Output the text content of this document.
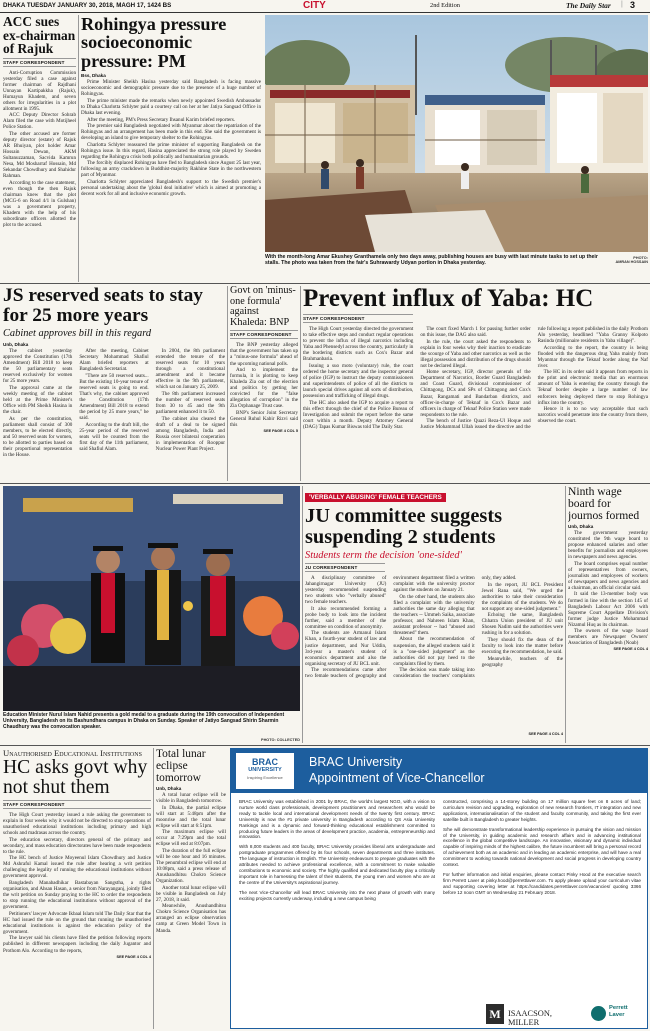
DHAKA TUESDAY JANUARY 30, 2018, MAGH 17, 1424 BS	CITY	2nd Edition	The Daily Star | 3
ACC sues ex-chairman of Rajuk
STAFF CORRESPONDENT

Anti-Corruption Commission yesterday filed a case against former chairman of Rajdhani Unnayan Kartipakkha (Rajuk), Humayun Khadem, and seven others for irregularities in a plot allotment in 1995.

ACC Deputy Director Sohrab Alam filed the case with Motijheel Police Station.

The other accused are former deputy director (estate) of Rajuk AR Bhuiyan, plot holder Amar Hossain Dewan, AKM Sultanuzzaman, Sacvida Kamrun Nesa, Md Mosharraf Hossain, Md Sekandar Chowdhury and Shahidur Rahman.

According to the case statement, even though the then Rajuk chairman knew that the plot (MCG-6 on Road 4/1 in Gulshan) was a government property, Khadem with the help of his subordinate officers allotted the plot to the accused.

Rohingya pressure socioeconomic pressure: PM
Bss, Dhaka

Prime Minister Sheikh Hasina yesterday said Bangladesh is facing massive socioeconomic and demographic pressure due to the presence of a huge number of Rohingyas.

The prime minister made the remarks when newly appointed Swedish Ambassador to Dhaka Charlotta Schlyter paid a courtesy call on her at her Jatiya Sangsad Office in Dhaka last evening.

After the meeting, PM's Press Secretary Ihsanul Karim briefed reporters.

The premier said Bangladesh negotiated with Myanmar about the repatriation of the Rohingyas and an arrangement has been made in this end. She said the government is developing an island to give temporary shelter to the Rohingyas.

Charlotta Schlyter reassured the prime minister of supporting Bangladesh on the Rohingya issue. In this regard, Hasina appreciated the strong role played by Sweden regarding the Rohingya crisis both politically and humanitarian grounds.

The forcibly displaced Rohingyas have fled to Bangladesh since August 25 last year, following an army crackdown in Buddhist-majority Rakhine State in the northwestern part of Myanmar.

Charlotta Schlyter appreciated Bangladesh's support to the Swedish premier's personal undertaking about the 'global deal initiative' which is aimed at promoting a decent work for all and inclusive economic growth.

With the month-long Amar Ekushey Granthamela only two days away, publishing houses are busy with last minute tasks to set up their stalls. The photo was taken from the fair's Suhrawardy Udyan portion in Dhaka yesterday.
PHOTO:
AMRAN HOSSAIN
JS reserved seats to stay for 25 more years
Cabinet approves bill in this regard
Unb, Dhaka

The cabinet yesterday approved the Constitution (17th Amendment) Bill 2018 to keep the 50 parliamentary seats reserved exclusively for women for 25 more years.

The approval came at the weekly meeting of the cabinet held at the Prime Minister's Office with PM Sheikh Hasina in the chair.

As per the constitution, parliament shall consist of 300 members, to be elected directly, and 50 reserved seats for women, to be allotted to parties based on their proportional representation in the House.

After the meeting, Cabinet Secretary Mohammad Shafiul Alam briefed reporters at Bangladesh Secretariat.

"There are 50 reserved seats... But the existing 10-year tenure of reserved seats is going to end. That's why, the cabinet approved the Constitution (17th Amendment) Bill 2018 to extend the period by 25 more years," he said.

According to the draft bill, the 25-year period of the reserved seats will be counted from the first day of the 11th parliament, said Shafiul Alam.

In 2004, the 8th parliament extended the tenure of the reserved seats for 10 years through a constitutional amendment and it became effective in the 9th parliament, which sat on January 25, 2009.

The 8th parliament increased the number of reserved seats from 30 to 45 and the 9th parliament enhanced it to 50.

The cabinet also cleared the draft of a deal to be signed among Bangladesh, India and Russia over bilateral cooperation in implementation of Rooppur Nuclear Power Plant Project.

Govt on 'minus-one formula' against Khaleda: BNP
STAFF CORRESPONDENT

The BNP yesterday alleged that the government has taken up a "minus-one formula" ahead of the upcoming national polls.

And to implement the formula, it is plotting to keep Khaleda Zia out of the election and politics by getting her convicted for the "false allegation of corruption" in the Zia Orphanage Trust case.

BNP's Senior Joint Secretary General Ruhul Kabir Rizvi said this

SEE PAGE 4 COL 5
Prevent influx of Yaba: HC
STAFF CORRESPONDENT

The High Court yesterday directed the government to take effective steps and conduct regular operations to prevent the influx of illegal narcotics including Yaba and Phensedyl across the country, particularly in the bordering districts such as Cox's Bazar and Brahmanbaria.

Issuing a suo moto (voluntary) rule, the court ordered the home secretary and the inspector general of police (IGP) to instruct the deputy commissioners and superintendents of police of all the districts to launch special drives against all sorts of distribution, possession and trafficking of illegal drugs.

The HC also asked the IGP to acquire a report to this effect through the chief of the Police Bureau of Investigation and submit the report before the same court within a month. Deputy Attorney General (DAG) Tapas Kumar Biswas told The Daily Star.

The court fixed March 1 for passing further order on this issue, the DAG also said.

In the rule, the court asked the respondents to explain in four weeks why their inaction to eradicate the scourge of Yaba and other narcotics as well as the illegal possession and distribution of the drugs should not be declared illegal.

Home secretary, IGP, director generals of the Department of Narcotics, Border Guard Bangladesh and Coast Guard, divisional commissioner of Chittagong, DCs and SPs of Chittagong and Cox's Bazar, Rangamati and Bandarban districts, and officer-in-charge of Teknaf in Cox's Bazar and officers in charge of Teknaf Police Station were made respondents to the rule.

The bench of Justice Quazi Reza-Ul Hoque and Justice Mohammad Ullah issued the directive and the rule following a report published in the daily Prothom Alo yesterday, headlined "Yaba Granny Kolpoto Rasinda (millionaire residents in Yaba village)".

According to the report, the country is being flooded with the dangerous drug Yaba mainly from Myanmar through the Teknaf border along the Naf river.

The HC in its order said it appears from reports in the print and electronic media that an enormous amount of Yaba is entering the country through the Teknaf border despite a large number of law enforcers being deployed there to stop Rohingya influx into the country.

Hence it is to no way acceptable that such narcotics would penetrate into the country from there, observed the court.

Education Minister Nurul Islam Nahid presents a gold medal to a graduate during the 19th convocation of Independent University, Bangladesh on its Bashundhara campus in Dhaka on Sunday. Speaker of Jatiyo Sangsad Shirin Sharmin Chaudhury was the convocation speaker.
PHOTO: COLLECTED
'VERBALLY ABUSING' FEMALE TEACHERS
JU committee suggests suspending 2 students
Students term the decision 'one-sided'
JU CORRESPONDENT

A disciplinary committee of Jahangirnagar University (JU) yesterday recommended suspending two students who "verbally abused" two female teachers.

It also recommended forming a probe body to look into the incident further, said a member of the committee on condition of anonymity.

The students are Armanul Islam Khan, a fourth-year student of law and justice department, and Nur Uddin, 3rd-year a master's student of economics department and also the organising secretary of JU BCL unit.

The recommendations came after two female teachers of geography and environment department filed a written complaint with the university proctor against the students on January 21.

On the other hand, the students also filed a complaint with the university authorities the same day alleging that the teachers -- Ummeh Saika, associate professor, and Nahreen Islam Khan, assistant professor -- had "abused and threatened" them.

About the recommendation of suspension, the alleged students said it is a "one-sided judgement" as the authorities did not pay heed to the complaints filed by them.

The decision was made taking into consideration the teachers' complaints only, they added.

In the report, JU BCL President Jewel Rana said, "We urged the authorities to take their consideration the complaints of the students. We do not support any one-sided judgement."

Echoing the same, Bangladesh Chhatra Union president of JU unit Shosen Nadim said the authorities were rushing in for a solution.

They should fix the dean of the faculty to look into the matter before executing the recommendation, he said.

Meanwhile, teachers of the geography

SEE PAGE 4 COL 4
Ninth wage board for journos formed
Unb, Dhaka

The government yesterday constituted the 9th wage board to propose enhanced salaries and other benefits for journalists and employees in newspapers and news agencies.

The board comprises equal number of representatives from owners, journalists and employees of workers of newspapers and news agencies and a chairman, an official circular said.

It said the 13-member body was formed in line with the section 145 of Bangladesh Labour Act 2006 with Supreme Court Appellate Division's former judge Justice Mohammad Nizamul Huq as its chairman.

The owners of the wage board members are Newspaper Owners' Association of Bangladesh (Noab)

SEE PAGE 4 COL 4
Unauthorised Educational Institutions
HC asks govt why not shut them
STAFF CORRESPONDENT

The High Court yesterday issued a rule asking the government to explain in four weeks why it would not be directed to stop operations of unauthorised educational institutions including primary and high schools and madrasas across the country.

The education secretary, directors general of the primary and secondary, and mass education directorates have been made respondents to the rule.

The HC bench of Justice Moyeenul Islam Chowdhury and Justice Md Ashraful Kamal issued the rule after hearing a writ petition challenging the legality of running the educational institutions without government approval.

Bangladesh Manabadhikar Bastabayan Sangstha, a rights organisation, and Ahsan Hasan, a senior from Narayanganj, jointly filed the writ petition on Sunday praying to the HC to order the respondents to stop running the educational institutions without approval of the government.

Petitioners' lawyer Advocate Ikbaal Islam told The Daily Star that the HC had issued the rule on the ground that running the unauthorised educational institutions is against the education policy of the government.

The lawyer said his clients have filed the petition following reports published in different newspapers including the daily Jugantor and Prothom Alo. According to the reports,

SEE PAGE 4 COL 4
Total lunar eclipse tomorrow
Unb, Dhaka

A total lunar eclipse will be visible in Bangladesh tomorrow.

In Dhaka, the partial eclipse will start at 5:48pm after the moonrise and the total lunar eclipse will start at 6:51pm.

The maximum eclipse will occur at 7:29pm and the total eclipse will end at 8:07pm.

The duration of the full eclipse will be one hour and 16 minutes. The penumbral eclipse will end at 10:08pm, said a press release of Anushandhitsu Chokro Science Organization.

Another total lunar eclipse will be visible in Bangladesh on July 27, 2018, it said.

Meanwhile, Anushandhitsu Chokro Science Organisation has arranged an eclipse observation camp at Green Model Town in Manda.

BRAC
UNIVERSITY
Inspiring Excellence
BRAC University
Appointment of Vice-Chancellor

BRAC University was established in 2001 by BRAC, the world's largest NGO, with a vision to nurture world class professionals, development practitioners and researchers who would be ready to tackle local and international development needs of the twenty first century. BRAC University is now the #1 private university in Bangladesh according to QS Asia University Rankings and is a dynamic and forward-thinking educational establishment committed to producing future leaders in the areas of development practice, academia, entrepreneurship and innovation.

With 8,000 students and 400 faculty, BRAC University provides liberal arts undergraduate and postgraduate programmes offered by its four schools, seven departments and three institutes. The language of instruction is English. The University endeavours to prepare graduates with the attributes needed to achieve professional excellence, with a commitment to make valuable contributions to economic and society. The highly qualified and dedicated faculty play a critically important role in harnessing the talent of their students, the young men and women who are at the centre of the University's aspirational journey.

The next Vice-Chancellor will lead BRAC University into the next phase of growth with many exciting projects currently underway, including a new campus being

constructed, comprising a 14-storey building on 17 million square feet on 8 acres of land; curriculum revision and upgrading, exploration of new research frontiers, IT integration and new applications, internationalisation of the student and faculty community, and taking the first ever satellite built in Bangladesh to greater heights.

S/he will demonstrate transformational leadership experience in pursuing the vision and mission of the University, in guiding academic and research affairs and in advancing institutional excellence in the global competitive landscape. An innovative, visionary and dynamic individual capable of inspiring minds of the highest calibre, the future incumbent will bring a personal record of achievement both as an academic and in leading an academic enterprise, and will have a real commitment to working towards national development and social progress in developing country context.

For further information and initial enquiries, please contact Pinky Hood at the executive search firm Perrett Laver at pinky.hood@perrettlaver.com. To apply please upload your curriculum vitae and supporting covering letter at https://candidates.perrettlaver.com/vacancies/ quoting 3366 before 12 noon GMT on Wednesday 21 February 2018.

M ISAACSON, MILLER
Perrett Laver
